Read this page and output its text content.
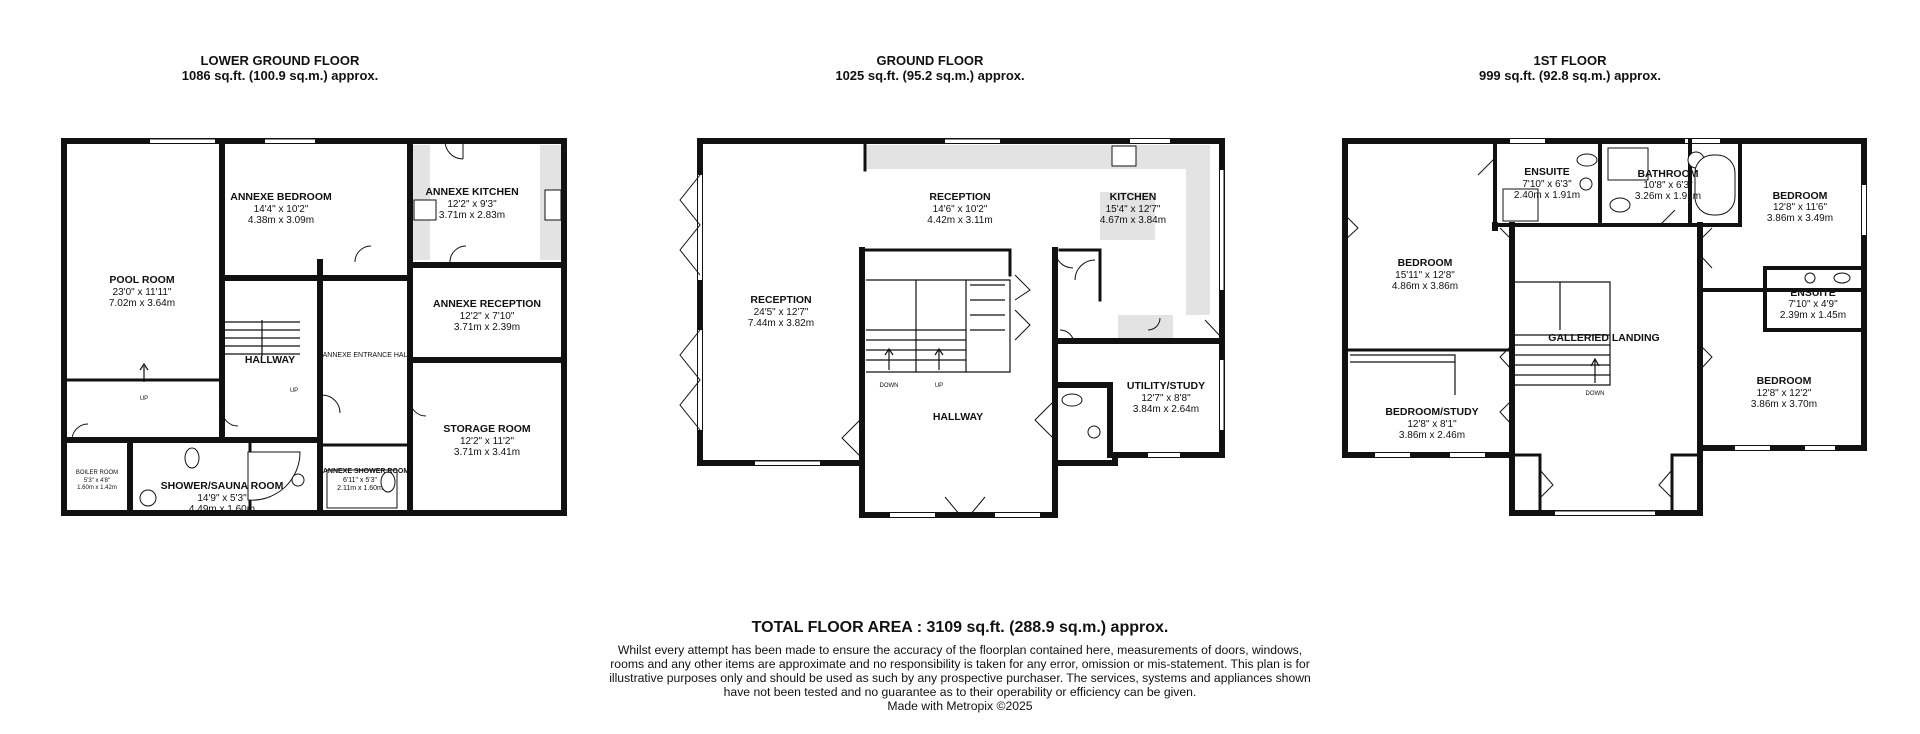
LOWER GROUND FLOOR
1086 sq.ft. (100.9 sq.m.) approx.
GROUND FLOOR
1025 sq.ft. (95.2 sq.m.) approx.
1ST FLOOR
999 sq.ft. (92.8 sq.m.) approx.
POOL ROOM
23'0" x 11'11"
7.02m x 3.64m
ANNEXE BEDROOM
14'4" x 10'2"
4.38m x 3.09m
ANNEXE KITCHEN
12'2" x 9'3"
3.71m x 2.83m
ANNEXE RECEPTION
12'2" x 7'10"
3.71m x 2.39m
STORAGE ROOM
12'2" x 11'2"
3.71m x 3.41m
HALLWAY	ANNEXE ENTRANCE HALL
BOILER ROOM
5'3" x 4'8"
1.60m x 1.42m	SHOWER/SAUNA ROOM
14'9" x 5'3"
4.49m x 1.60m
ANNEXE SHOWER ROOM
6'11" x 5'3"
2.11m x 1.60m
UP
UP
RECEPTION
24'5" x 12'7"
7.44m x 3.82m
RECEPTION
14'6" x 10'2"
4.42m x 3.11m
KITCHEN
15'4" x 12'7"
4.67m x 3.84m
UTILITY/STUDY
12'7" x 8'8"
3.84m x 2.64m
HALLWAY
DOWN	UP
ENSUITE
7'10" x 6'3"
2.40m x 1.91m
BATHROOM
10'8" x 6'3"
3.26m x 1.91m	BEDROOM
12'8" x 11'6"
3.86m x 3.49m
BEDROOM
15'11" x 12'8"
4.86m x 3.86m
ENSUITE
7'10" x 4'9"
2.39m x 1.45m
GALLERIED LANDING
BEDROOM/STUDY
12'8" x 8'1"
3.86m x 2.46m
BEDROOM
12'8" x 12'2"
3.86m x 3.70m
DOWN
TOTAL FLOOR AREA : 3109 sq.ft. (288.9 sq.m.) approx.
Whilst every attempt has been made to ensure the accuracy of the floorplan contained here, measurements of doors, windows, rooms and any other items are approximate and no responsibility is taken for any error, omission or mis-statement. This plan is for illustrative purposes only and should be used as such by any prospective purchaser. The services, systems and appliances shown have not been tested and no guarantee as to their operability or efficiency can be given.
Made with Metropix ©2025
